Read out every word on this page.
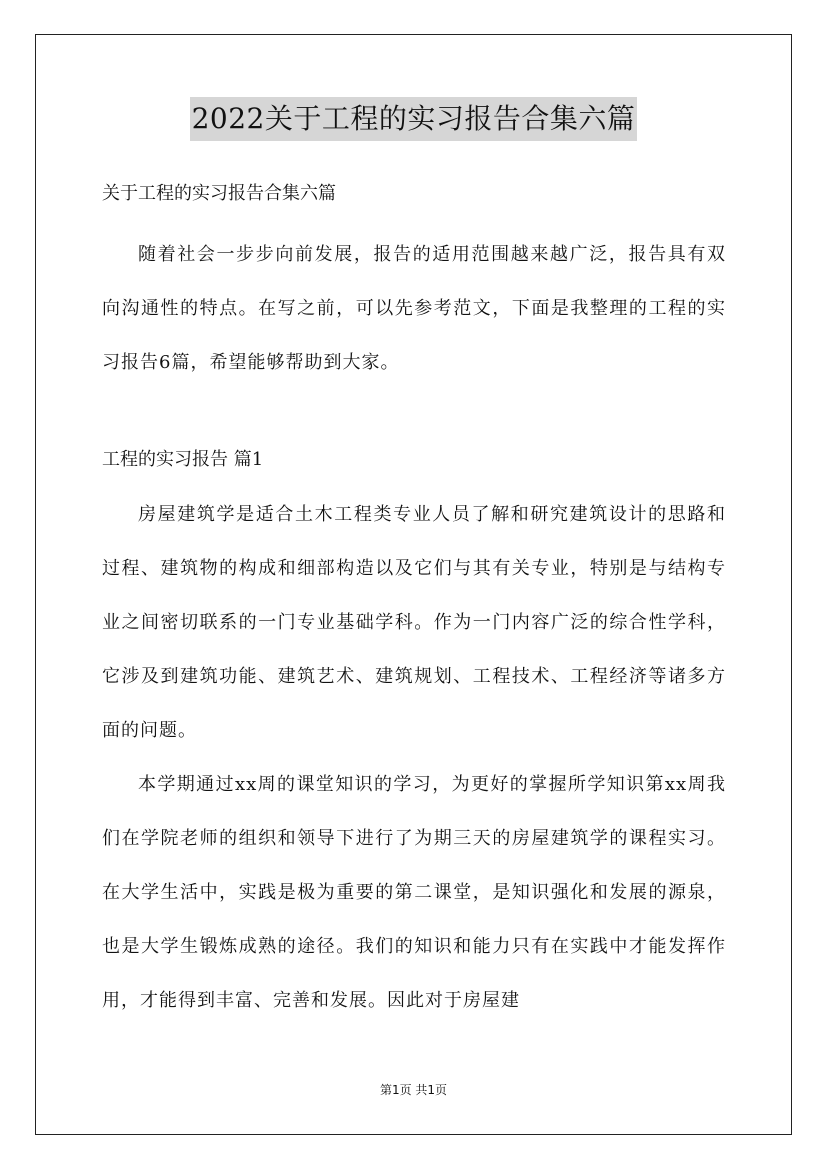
2022关于工程的实习报告合集六篇

关于工程的实习报告合集六篇

随着社会一步步向前发展，报告的适用范围越来越广泛，报告具有双向沟通性的特点。在写之前，可以先参考范文，下面是我整理的工程的实习报告6篇，希望能够帮助到大家。

工程的实习报告 篇1

房屋建筑学是适合土木工程类专业人员了解和研究建筑设计的思路和过程、建筑物的构成和细部构造以及它们与其有关专业，特别是与结构专业之间密切联系的一门专业基础学科。作为一门内容广泛的综合性学科，它涉及到建筑功能、建筑艺术、建筑规划、工程技术、工程经济等诸多方面的问题。

本学期通过xx周的课堂知识的学习，为更好的掌握所学知识第xx周我们在学院老师的组织和领导下进行了为期三天的房屋建筑学的课程实习。在大学生活中，实践是极为重要的第二课堂，是知识强化和发展的源泉，也是大学生锻炼成熟的途径。我们的知识和能力只有在实践中才能发挥作用，才能得到丰富、完善和发展。因此对于房屋建

第1页 共1页
